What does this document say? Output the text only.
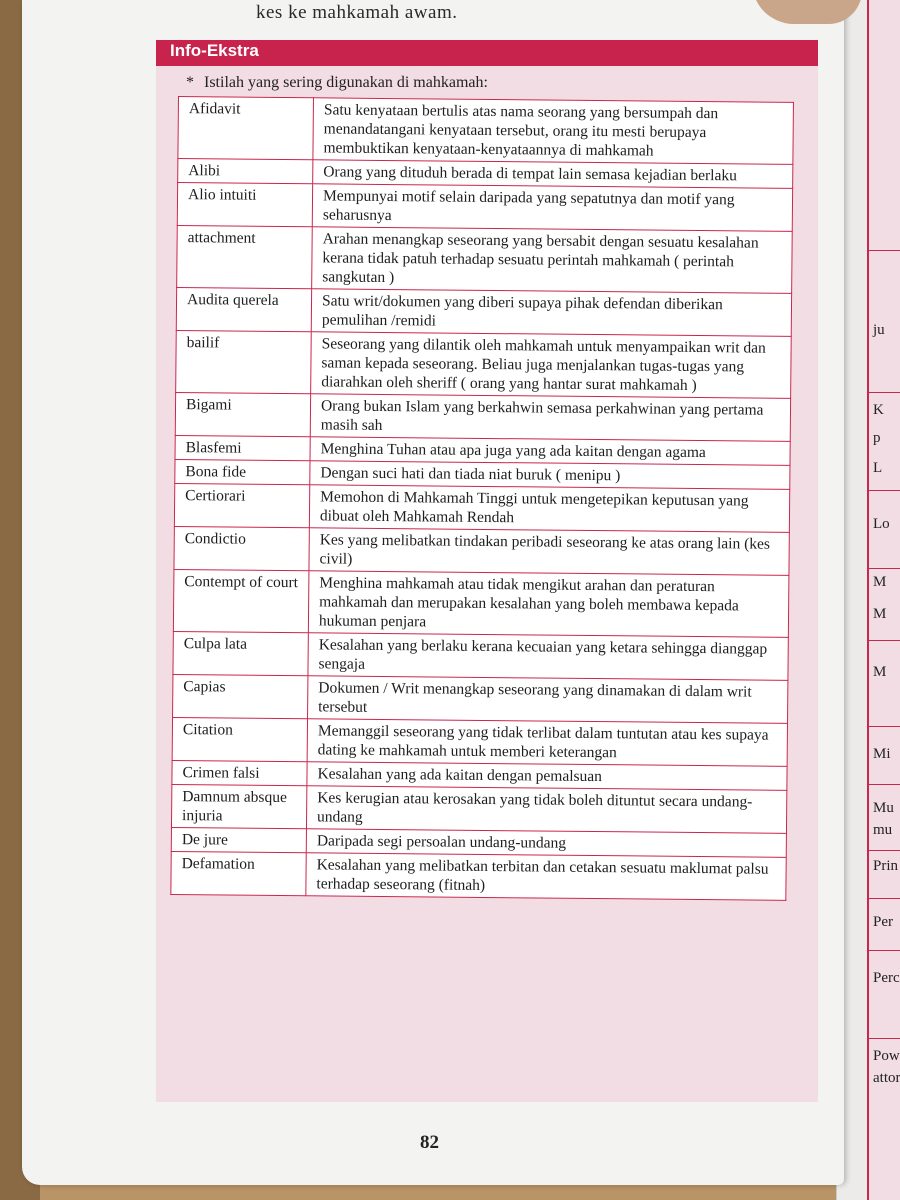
ju
K
p
L
Lo
M
M
M
Mi
Mu
mu
Prin
Per
Perc
Pow
attor
kes ke mahkamah awam.
Info-Ekstra
* Istilah yang sering digunakan di mahkamah:
Afidavit	Satu kenyataan bertulis atas nama seorang yang bersumpah dan menandatangani kenyataan tersebut, orang itu mesti berupaya membuktikan kenyataan-kenyataannya di mahkamah
Alibi	Orang yang dituduh berada di tempat lain semasa kejadian berlaku
Alio intuiti	Mempunyai motif selain daripada yang sepatutnya dan motif yang seharusnya
attachment	Arahan menangkap seseorang yang bersabit dengan sesuatu kesalahan kerana tidak patuh terhadap sesuatu perintah mahkamah ( perintah sangkutan )
Audita querela	Satu writ/dokumen yang diberi supaya pihak defendan diberikan pemulihan /remidi
bailif	Seseorang yang dilantik oleh mahkamah untuk menyampaikan writ dan saman kepada seseorang. Beliau juga menjalankan tugas-tugas yang diarahkan oleh sheriff ( orang yang hantar surat mahkamah )
Bigami	Orang bukan Islam yang berkahwin semasa perkahwinan yang pertama masih sah
Blasfemi	Menghina Tuhan atau apa juga yang ada kaitan dengan agama
Bona fide	Dengan suci hati dan tiada niat buruk ( menipu )
Certiorari	Memohon di Mahkamah Tinggi untuk mengetepikan keputusan yang dibuat oleh Mahkamah Rendah
Condictio	Kes yang melibatkan tindakan peribadi seseorang ke atas orang lain (kes civil)
Contempt of court	Menghina mahkamah atau tidak mengikut arahan dan peraturan mahkamah dan merupakan kesalahan yang boleh membawa kepada hukuman penjara
Culpa lata	Kesalahan yang berlaku kerana kecuaian yang ketara sehingga dianggap sengaja
Capias	Dokumen / Writ menangkap seseorang yang dinamakan di dalam writ tersebut
Citation	Memanggil seseorang yang tidak terlibat dalam tuntutan atau kes supaya dating ke mahkamah untuk memberi keterangan
Crimen falsi	Kesalahan yang ada kaitan dengan pemalsuan
Damnum absque injuria	Kes kerugian atau kerosakan yang tidak boleh dituntut secara undang-undang
De jure	Daripada segi persoalan undang-undang
Defamation	Kesalahan yang melibatkan terbitan dan cetakan sesuatu maklumat palsu terhadap seseorang (fitnah)
82
